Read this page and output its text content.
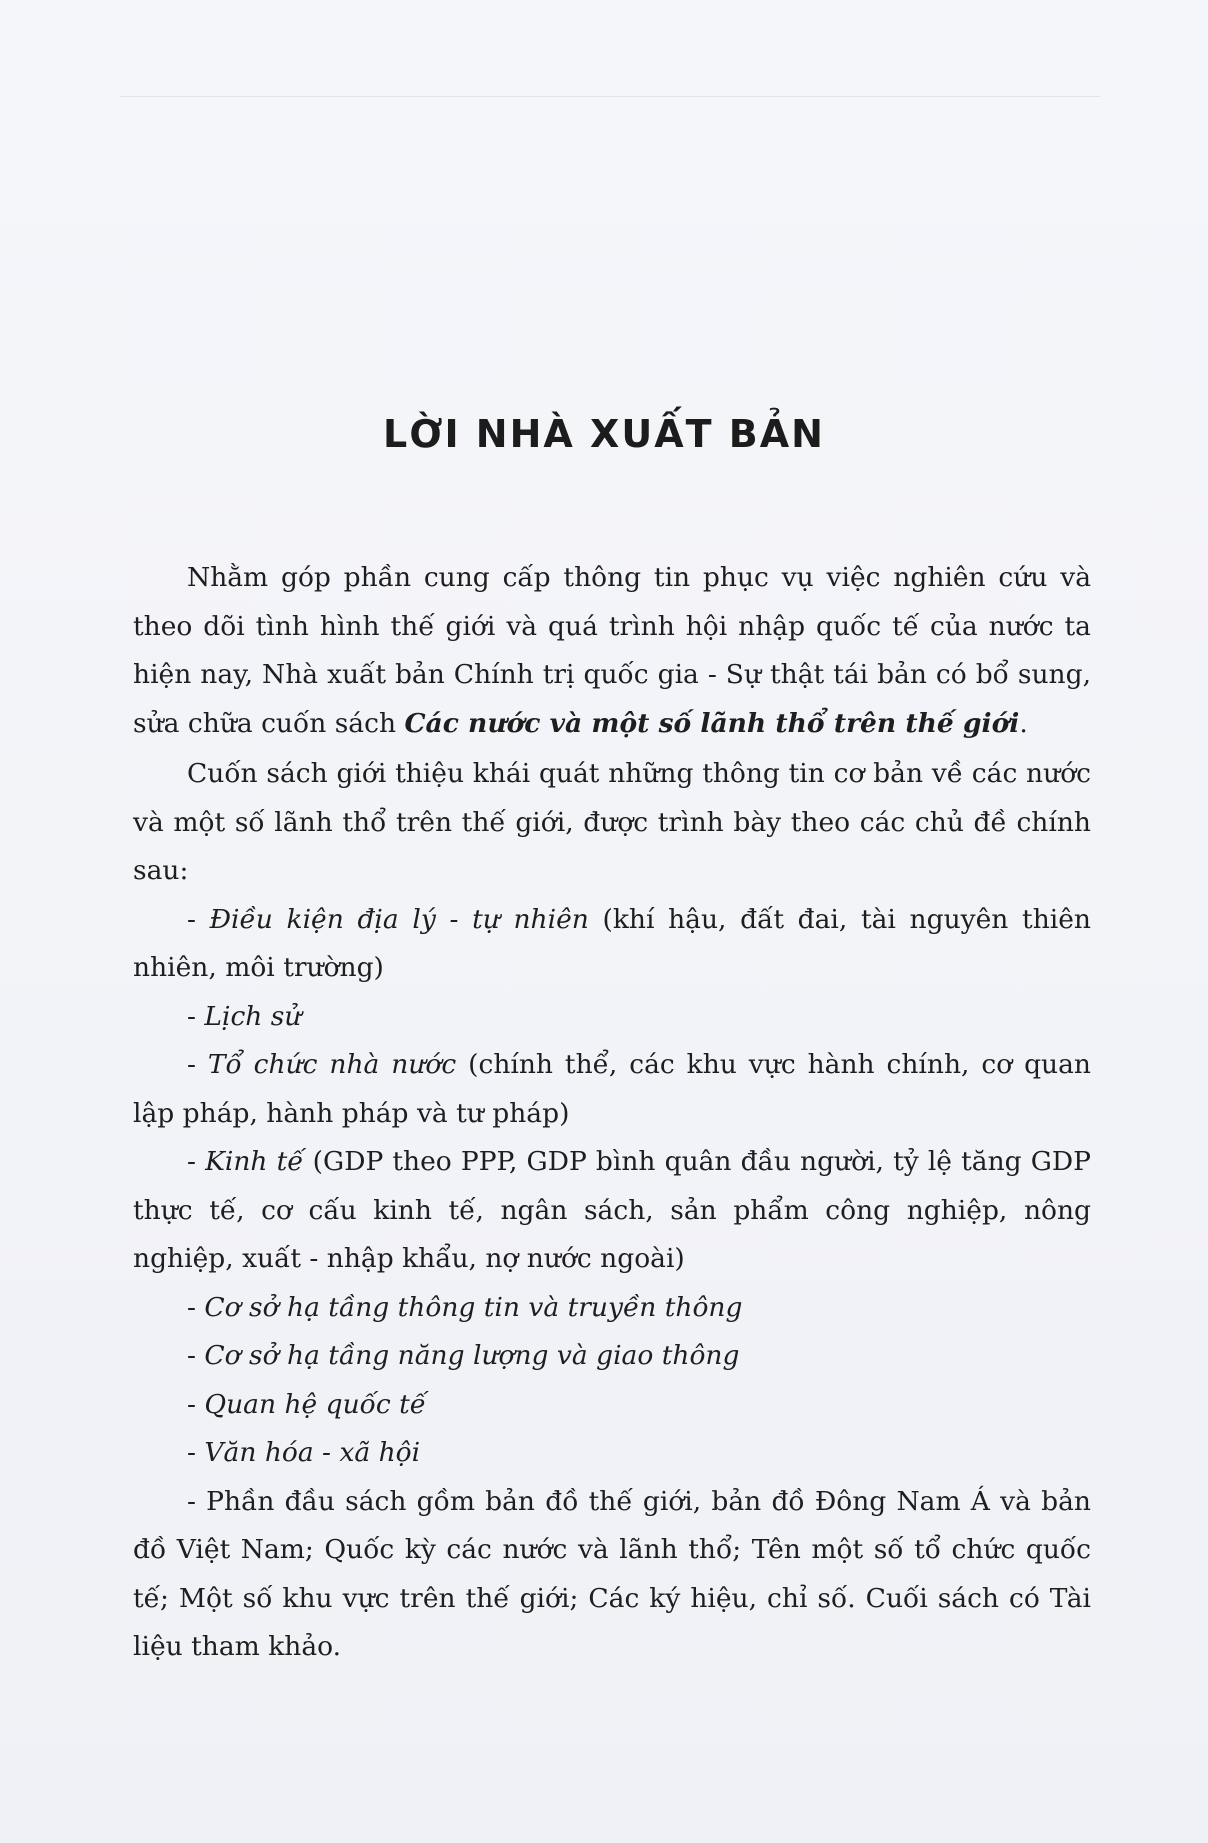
LỜI NHÀ XUẤT BẢN

Nhằm góp phần cung cấp thông tin phục vụ việc nghiên cứu và theo dõi tình hình thế giới và quá trình hội nhập quốc tế của nước ta hiện nay, Nhà xuất bản Chính trị quốc gia - Sự thật tái bản có bổ sung, sửa chữa cuốn sách Các nước và một số lãnh thổ trên thế giới.

Cuốn sách giới thiệu khái quát những thông tin cơ bản về các nước và một số lãnh thổ trên thế giới, được trình bày theo các chủ đề chính sau:

- Điều kiện địa lý - tự nhiên (khí hậu, đất đai, tài nguyên thiên nhiên, môi trường)

- Lịch sử

- Tổ chức nhà nước (chính thể, các khu vực hành chính, cơ quan lập pháp, hành pháp và tư pháp)

- Kinh tế (GDP theo PPP, GDP bình quân đầu người, tỷ lệ tăng GDP thực tế, cơ cấu kinh tế, ngân sách, sản phẩm công nghiệp, nông nghiệp, xuất - nhập khẩu, nợ nước ngoài)

- Cơ sở hạ tầng thông tin và truyền thông

- Cơ sở hạ tầng năng lượng và giao thông

- Quan hệ quốc tế

- Văn hóa - xã hội

- Phần đầu sách gồm bản đồ thế giới, bản đồ Đông Nam Á và bản đồ Việt Nam; Quốc kỳ các nước và lãnh thổ; Tên một số tổ chức quốc tế; Một số khu vực trên thế giới; Các ký hiệu, chỉ số. Cuối sách có Tài liệu tham khảo.
